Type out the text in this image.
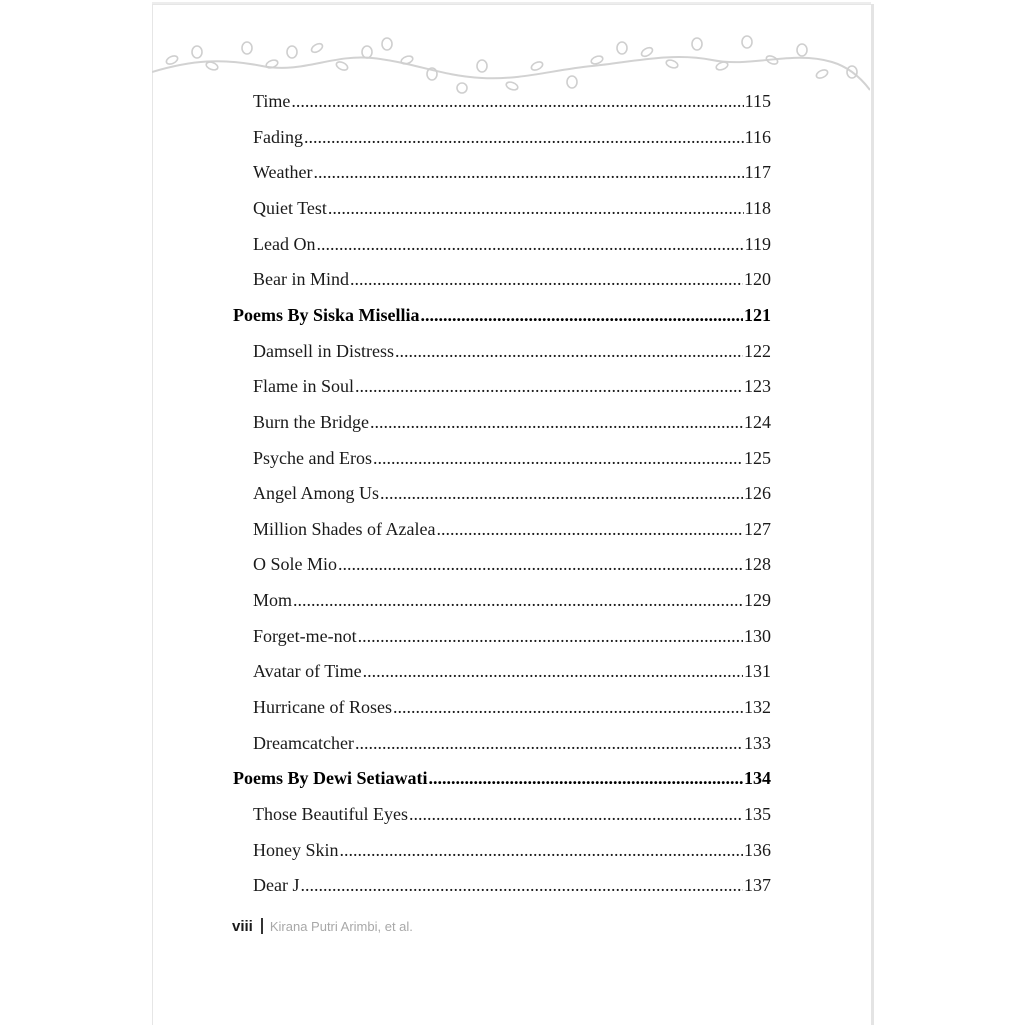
Time .....	115
Fading .....	116
Weather .....	117
Quiet Test .....	118
Lead On .....	119
Bear in Mind .....	120
Poems By Siska Misellia .....	121
Damsell in Distress .....	122
Flame in Soul .....	123
Burn the Bridge .....	124
Psyche and Eros .....	125
Angel Among Us .....	126
Million Shades of Azalea .....	127
O Sole Mio .....	128
Mom .....	129
Forget-me-not .....	130
Avatar of Time .....	131
Hurricane of Roses .....	132
Dreamcatcher .....	133
Poems By Dewi Setiawati .....	134
Those Beautiful Eyes .....	135
Honey Skin .....	136
Dear J .....	137
viii Kirana Putri Arimbi, et al.
